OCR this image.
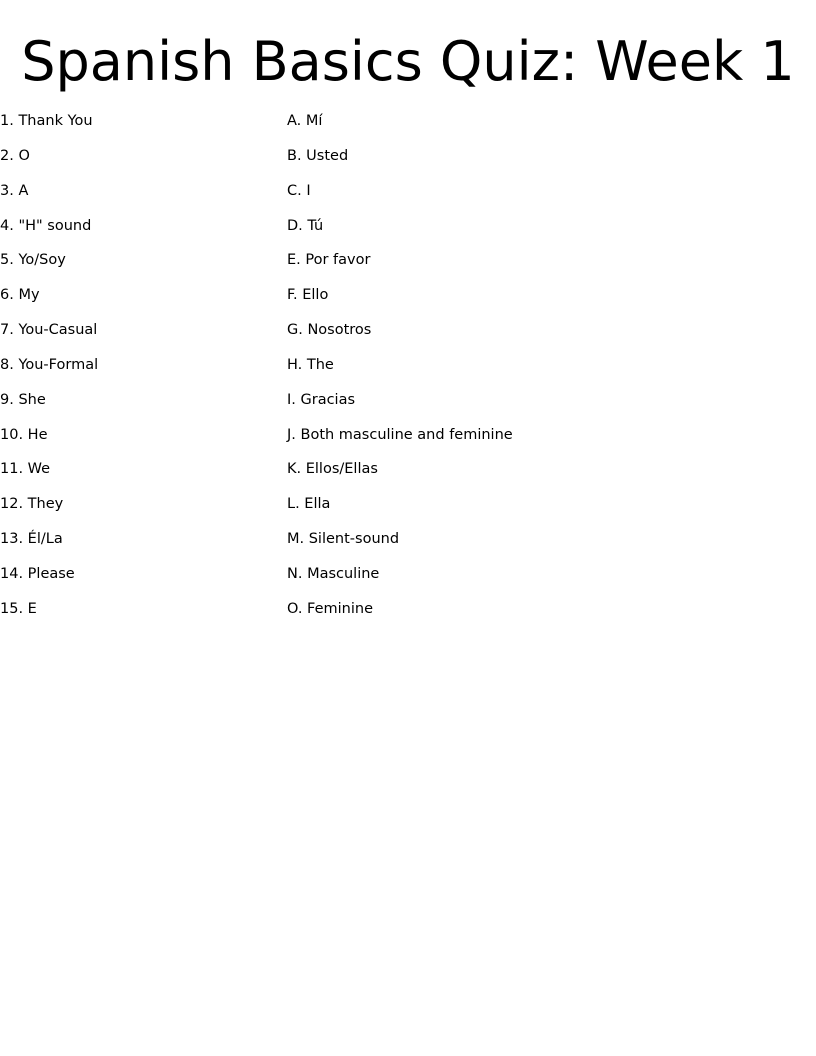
Spanish Basics Quiz: Week 1
1. Thank You
2. O
3. A
4. "H" sound
5. Yo/Soy
6. My
7. You-Casual
8. You-Formal
9. She
10. He
11. We
12. They
13. Él/La
14. Please
15. E
A. Mí
B. Usted
C. I
D. Tú
E. Por favor
F. Ello
G. Nosotros
H. The
I. Gracias
J. Both masculine and feminine
K. Ellos/Ellas
L. Ella
M. Silent-sound
N. Masculine
O. Feminine
